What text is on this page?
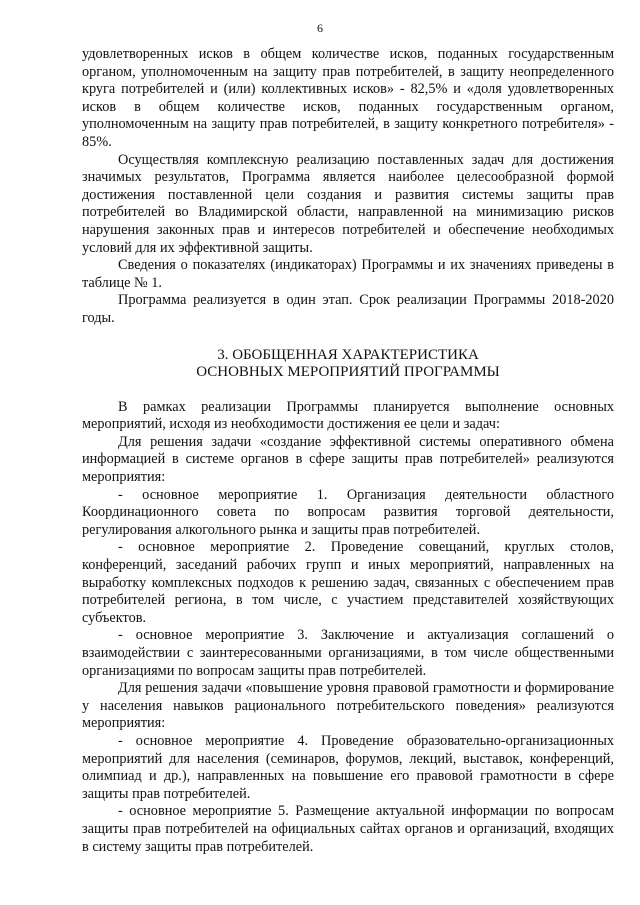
6

удовлетворенных исков в общем количестве исков, поданных государственным органом, уполномоченным на защиту прав потребителей, в защиту неопределенного круга потребителей и (или) коллективных исков» - 82,5% и «доля удовлетворенных исков в общем количестве исков, поданных государственным органом, уполномоченным на защиту прав потребителей, в защиту конкретного потребителя» - 85%.

Осуществляя комплексную реализацию поставленных задач для достижения значимых результатов, Программа является наиболее целесообразной формой достижения поставленной цели создания и развития системы защиты прав потребителей во Владимирской области, направленной на минимизацию рисков нарушения законных прав и интересов потребителей и обеспечение необходимых условий для их эффективной защиты.

Сведения о показателях (индикаторах) Программы и их значениях приведены в таблице № 1.

Программа реализуется в один этап. Срок реализации Программы 2018-2020 годы.

3. ОБОБЩЕННАЯ ХАРАКТЕРИСТИКА
ОСНОВНЫХ МЕРОПРИЯТИЙ ПРОГРАММЫ

В рамках реализации Программы планируется выполнение основных мероприятий, исходя из необходимости достижения ее цели и задач:

Для решения задачи «создание эффективной системы оперативного обмена информацией в системе органов в сфере защиты прав потребителей» реализуются мероприятия:

- основное мероприятие 1. Организация деятельности областного Координационного совета по вопросам развития торговой деятельности, регулирования алкогольного рынка и защиты прав потребителей.

- основное мероприятие 2. Проведение совещаний, круглых столов, конференций, заседаний рабочих групп и иных мероприятий, направленных на выработку комплексных подходов к решению задач, связанных с обеспечением прав потребителей региона, в том числе, с участием представителей хозяйствующих субъектов.

- основное мероприятие 3. Заключение и актуализация соглашений о взаимодействии с заинтересованными организациями, в том числе общественными организациями по вопросам защиты прав потребителей.

Для решения задачи «повышение уровня правовой грамотности и формирование у населения навыков рационального потребительского поведения» реализуются мероприятия:

- основное мероприятие 4. Проведение образовательно-организационных мероприятий для населения (семинаров, форумов, лекций, выставок, конференций, олимпиад и др.), направленных на повышение его правовой грамотности в сфере защиты прав потребителей.

- основное мероприятие 5. Размещение актуальной информации по вопросам защиты прав потребителей на официальных сайтах органов и организаций, входящих в систему защиты прав потребителей.
